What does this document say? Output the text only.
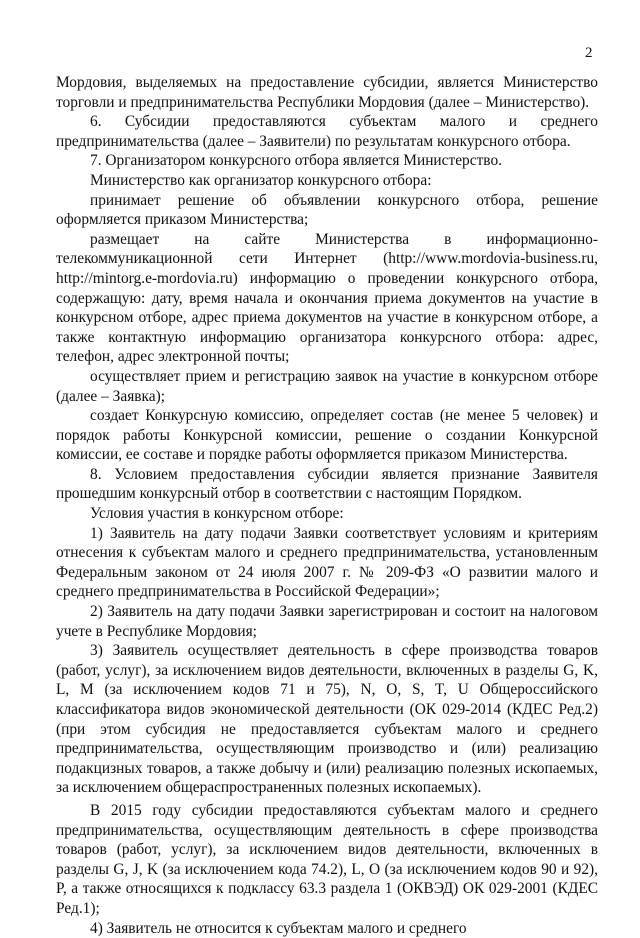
2

Мордовия, выделяемых на предоставление субсидии, является Министерство торговли и предпринимательства Республики Мордовия (далее – Министерство).

6. Субсидии предоставляются субъектам малого и среднего предпринимательства (далее – Заявители) по результатам конкурсного отбора.

7. Организатором конкурсного отбора является Министерство.

Министерство как организатор конкурсного отбора:

принимает решение об объявлении конкурсного отбора, решение оформляется приказом Министерства;

размещает на сайте Министерства в информационно-телекоммуникационной сети Интернет (http://www.mordovia-business.ru, http://mintorg.e-mordovia.ru) информацию о проведении конкурсного отбора, содержащую: дату, время начала и окончания приема документов на участие в конкурсном отборе, адрес приема документов на участие в конкурсном отборе, а также контактную информацию организатора конкурсного отбора: адрес, телефон, адрес электронной почты;

осуществляет прием и регистрацию заявок на участие в конкурсном отборе (далее – Заявка);

создает Конкурсную комиссию, определяет состав (не менее 5 человек) и порядок работы Конкурсной комиссии, решение о создании Конкурсной комиссии, ее составе и порядке работы оформляется приказом Министерства.

8. Условием предоставления субсидии является признание Заявителя прошедшим конкурсный отбор в соответствии с настоящим Порядком.

Условия участия в конкурсном отборе:

1) Заявитель на дату подачи Заявки соответствует условиям и критериям отнесения к субъектам малого и среднего предпринимательства, установленным Федеральным законом от 24 июля 2007 г. № 209-ФЗ «О развитии малого и среднего предпринимательства в Российской Федерации»;

2) Заявитель на дату подачи Заявки зарегистрирован и состоит на налоговом учете в Республике Мордовия;

3) Заявитель осуществляет деятельность в сфере производства товаров (работ, услуг), за исключением видов деятельности, включенных в разделы G, K, L, M (за исключением кодов 71 и 75), N, O, S, T, U Общероссийского классификатора видов экономической деятельности (ОК 029-2014 (КДЕС Ред.2) (при этом субсидия не предоставляется субъектам малого и среднего предпринимательства, осуществляющим производство и (или) реализацию подакцизных товаров, а также добычу и (или) реализацию полезных ископаемых, за исключением общераспространенных полезных ископаемых).

В 2015 году субсидии предоставляются субъектам малого и среднего предпринимательства, осуществляющим деятельность в сфере производства товаров (работ, услуг), за исключением видов деятельности, включенных в разделы G, J, K (за исключением кода 74.2), L, O (за исключением кодов 90 и 92), P, а также относящихся к подклассу 63.3 раздела 1 (ОКВЭД) ОК 029-2001 (КДЕС Ред.1);

4) Заявитель не относится к субъектам малого и среднего
